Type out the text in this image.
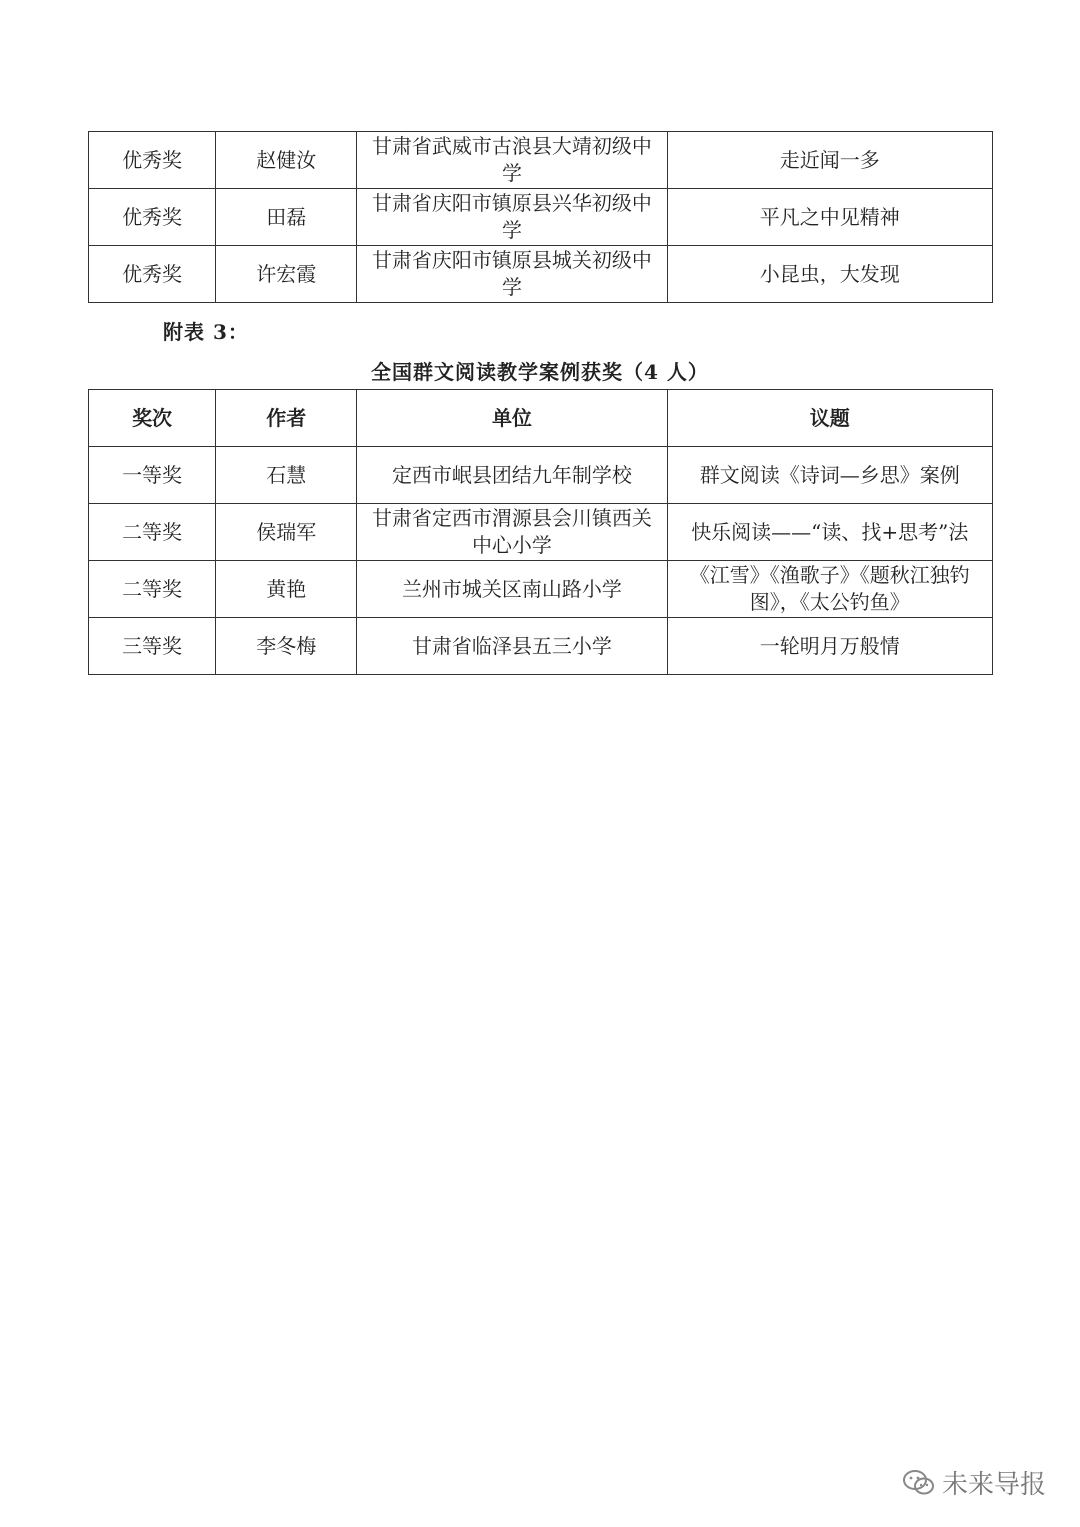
优秀奖	赵健汝	甘肃省武威市古浪县大靖初级中学	走近闻一多
优秀奖	田磊	甘肃省庆阳市镇原县兴华初级中学	平凡之中见精神
优秀奖	许宏霞	甘肃省庆阳市镇原县城关初级中学	小昆虫，大发现
附表 3：
全国群文阅读教学案例获奖（4 人）
奖次	作者	单位	议题
一等奖	石慧	定西市岷县团结九年制学校	群文阅读《诗词—乡思》案例
二等奖	侯瑞军	甘肃省定西市渭源县会川镇西关中心小学	快乐阅读——“读、找+思考”法
二等奖	黄艳	兰州市城关区南山路小学	《江雪》《渔歌子》《题秋江独钓图》，《太公钓鱼》
三等奖	李冬梅	甘肃省临泽县五三小学	一轮明月万般情
未来导报
